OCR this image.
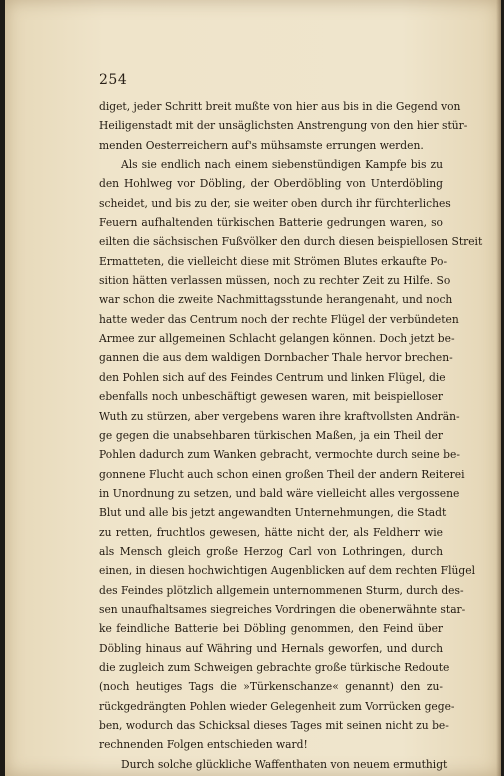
254
diget, jeder Schritt breit mußte von hier aus bis in die Gegend von
Heiligenstadt mit der unsäglichsten Anstrengung von den hier stür-
menden Oesterreichern auf's mühsamste errungen werden.
Als sie endlich nach einem siebenstündigen Kampfe bis zu
den Hohlweg vor Döbling, der Oberdöbling von Unterdöbling
scheidet, und bis zu der, sie weiter oben durch ihr fürchterliches
Feuern aufhaltenden türkischen Batterie gedrungen waren, so
eilten die sächsischen Fußvölker den durch diesen beispiellosen Streit
Ermatteten, die vielleicht diese mit Strömen Blutes erkaufte Po-
sition hätten verlassen müssen, noch zu rechter Zeit zu Hilfe. So
war schon die zweite Nachmittagsstunde herangenaht, und noch
hatte weder das Centrum noch der rechte Flügel der verbündeten
Armee zur allgemeinen Schlacht gelangen können. Doch jetzt be-
gannen die aus dem waldigen Dornbacher Thale hervor brechen-
den Pohlen sich auf des Feindes Centrum und linken Flügel, die
ebenfalls noch unbeschäftigt gewesen waren, mit beispielloser
Wuth zu stürzen, aber vergebens waren ihre kraftvollsten Andrän-
ge gegen die unabsehbaren türkischen Maßen, ja ein Theil der
Pohlen dadurch zum Wanken gebracht, vermochte durch seine be-
gonnene Flucht auch schon einen großen Theil der andern Reiterei
in Unordnung zu setzen, und bald wäre vielleicht alles vergossene
Blut und alle bis jetzt angewandten Unternehmungen, die Stadt
zu retten, fruchtlos gewesen, hätte nicht der, als Feldherr wie
als Mensch gleich große Herzog Carl von Lothringen, durch
einen, in diesen hochwichtigen Augenblicken auf dem rechten Flügel
des Feindes plötzlich allgemein unternommenen Sturm, durch des-
sen unaufhaltsames siegreiches Vordringen die obenerwähnte star-
ke feindliche Batterie bei Döbling genommen, den Feind über
Döbling hinaus auf Währing und Hernals geworfen, und durch
die zugleich zum Schweigen gebrachte große türkische Redoute
(noch heutiges Tags die »Türkenschanze« genannt) den zu-
rückgedrängten Pohlen wieder Gelegenheit zum Vorrücken gege-
ben, wodurch das Schicksal dieses Tages mit seinen nicht zu be-
rechnenden Folgen entschieden ward!
Durch solche glückliche Waffenthaten von neuem ermuthigt
